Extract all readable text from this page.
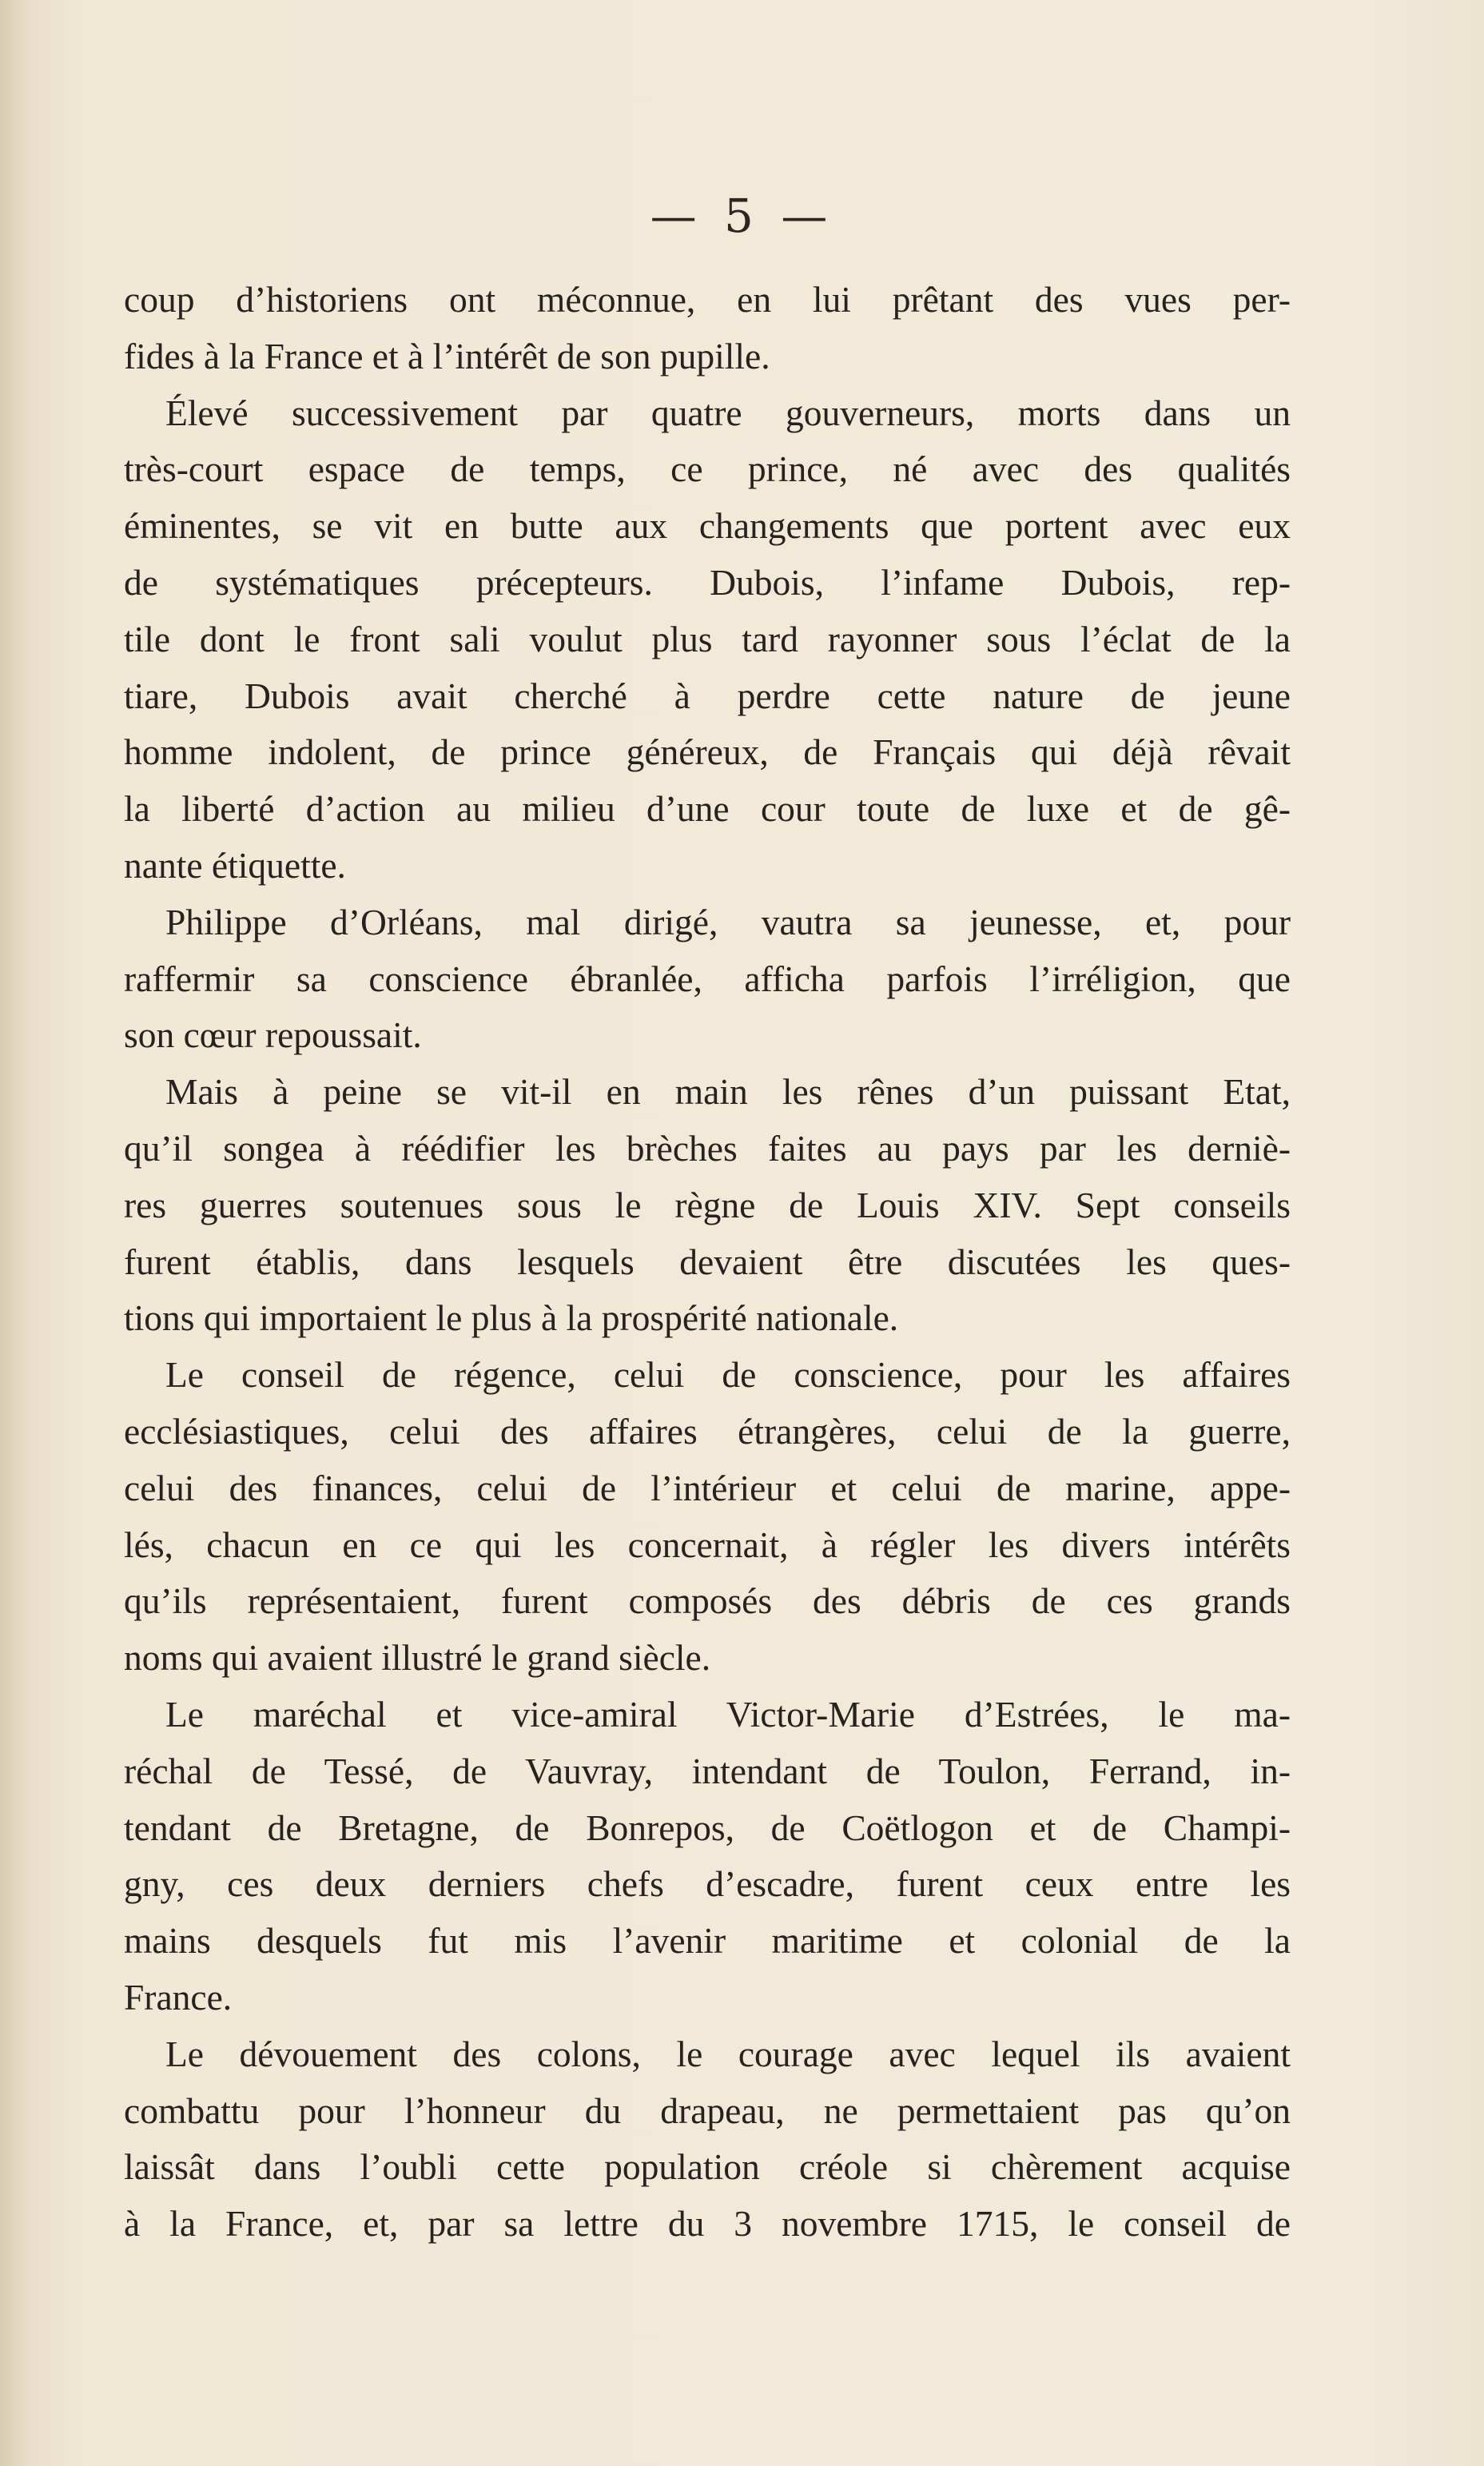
— 5 —
coup d’historiens ont méconnue, en lui prêtant des vues per-
fides à la France et à l’intérêt de son pupille.
Élevé successivement par quatre gouverneurs, morts dans un
très-court espace de temps, ce prince, né avec des qualités
éminentes, se vit en butte aux changements que portent avec eux
de systématiques précepteurs. Dubois, l’infame Dubois, rep-
tile dont le front sali voulut plus tard rayonner sous l’éclat de la
tiare, Dubois avait cherché à perdre cette nature de jeune
homme indolent, de prince généreux, de Français qui déjà rêvait
la liberté d’action au milieu d’une cour toute de luxe et de gê-
nante étiquette.
Philippe d’Orléans, mal dirigé, vautra sa jeunesse, et, pour
raffermir sa conscience ébranlée, afficha parfois l’irréligion, que
son cœur repoussait.
Mais à peine se vit-il en main les rênes d’un puissant Etat,
qu’il songea à réédifier les brèches faites au pays par les derniè-
res guerres soutenues sous le règne de Louis XIV. Sept conseils
furent établis, dans lesquels devaient être discutées les ques-
tions qui importaient le plus à la prospérité nationale.
Le conseil de régence, celui de conscience, pour les affaires
ecclésiastiques, celui des affaires étrangères, celui de la guerre,
celui des finances, celui de l’intérieur et celui de marine, appe-
lés, chacun en ce qui les concernait, à régler les divers intérêts
qu’ils représentaient, furent composés des débris de ces grands
noms qui avaient illustré le grand siècle.
Le maréchal et vice-amiral Victor-Marie d’Estrées, le ma-
réchal de Tessé, de Vauvray, intendant de Toulon, Ferrand, in-
tendant de Bretagne, de Bonrepos, de Coëtlogon et de Champi-
gny, ces deux derniers chefs d’escadre, furent ceux entre les
mains desquels fut mis l’avenir maritime et colonial de la
France.
Le dévouement des colons, le courage avec lequel ils avaient
combattu pour l’honneur du drapeau, ne permettaient pas qu’on
laissât dans l’oubli cette population créole si chèrement acquise
à la France, et, par sa lettre du 3 novembre 1715, le conseil de
